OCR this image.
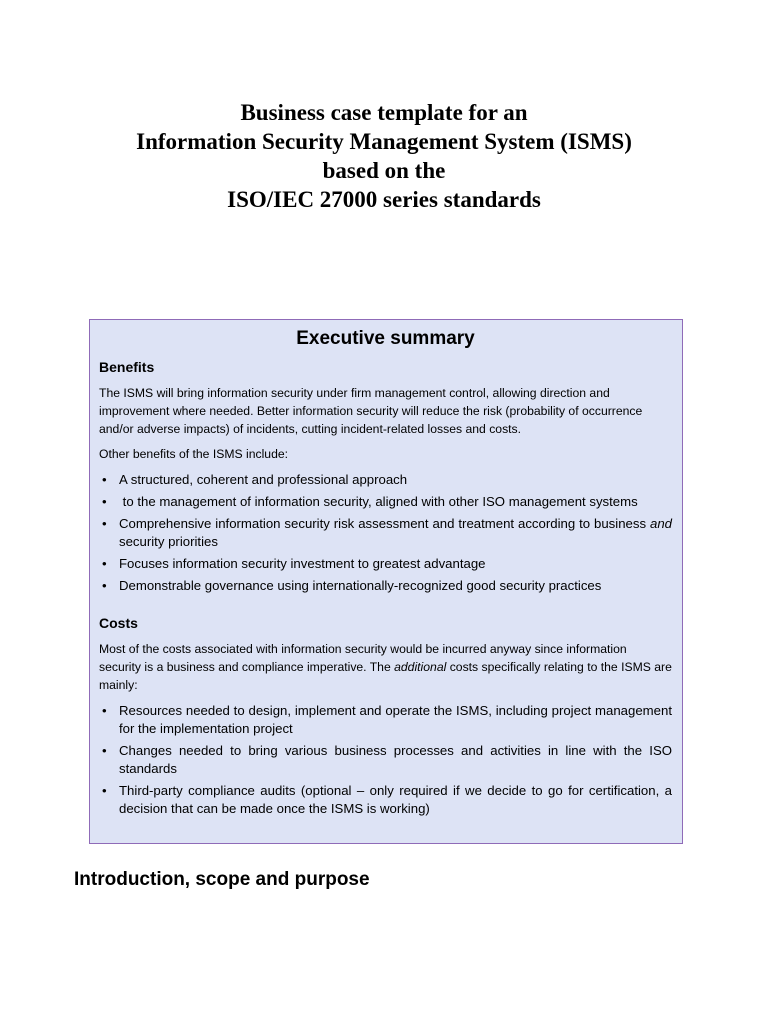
Business case template for an
Information Security Management System (ISMS)
based on the
ISO/IEC 27000 series standards
Executive summary
Benefits
The ISMS will bring information security under firm management control, allowing direction and improvement where needed. Better information security will reduce the risk (probability of occurrence and/or adverse impacts) of incidents, cutting incident-related losses and costs.
Other benefits of the ISMS include:
• A structured, coherent and professional approach
• to the management of information security, aligned with other ISO management systems
• Comprehensive information security risk assessment and treatment according to business and security priorities
• Focuses information security investment to greatest advantage
• Demonstrable governance using internationally-recognized good security practices
Costs
Most of the costs associated with information security would be incurred anyway since information security is a business and compliance imperative. The additional costs specifically relating to the ISMS are mainly:
• Resources needed to design, implement and operate the ISMS, including project management for the implementation project
• Changes needed to bring various business processes and activities in line with the ISO standards
• Third-party compliance audits (optional – only required if we decide to go for certification, a decision that can be made once the ISMS is working)
Introduction, scope and purpose
